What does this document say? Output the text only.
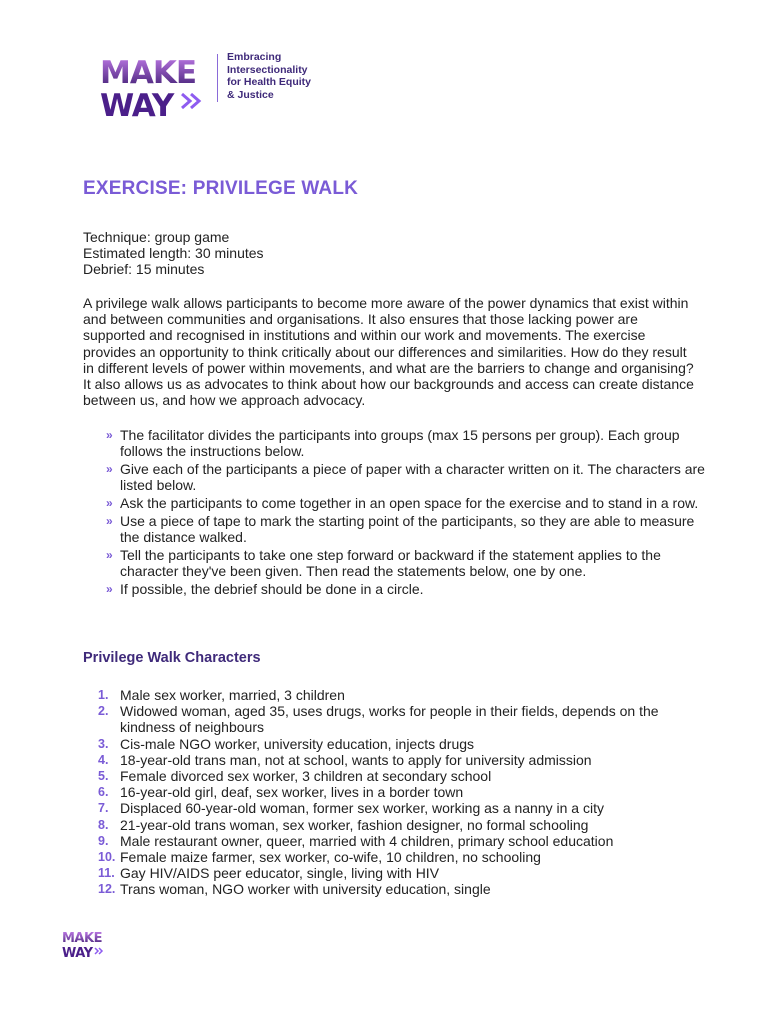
MAKE
WAY
Embracing
Intersectionality
for Health Equity
& Justice
EXERCISE: PRIVILEGE WALK
Technique: group game
Estimated length: 30 minutes
Debrief: 15 minutes
A privilege walk allows participants to become more aware of the power dynamics that exist within and between communities and organisations. It also ensures that those lacking power are supported and recognised in institutions and within our work and movements. The exercise provides an opportunity to think critically about our differences and similarities. How do they result in different levels of power within movements, and what are the barriers to change and organising? It also allows us as advocates to think about how our backgrounds and access can create distance between us, and how we approach advocacy.
» The facilitator divides the participants into groups (max 15 persons per group). Each group follows the instructions below.
» Give each of the participants a piece of paper with a character written on it. The characters are listed below.
» Ask the participants to come together in an open space for the exercise and to stand in a row.
» Use a piece of tape to mark the starting point of the participants, so they are able to measure the distance walked.
» Tell the participants to take one step forward or backward if the statement applies to the character they've been given. Then read the statements below, one by one.
» If possible, the debrief should be done in a circle.
Privilege Walk Characters
1. Male sex worker, married, 3 children
2. Widowed woman, aged 35, uses drugs, works for people in their fields, depends on the kindness of neighbours
3. Cis-male NGO worker, university education, injects drugs
4. 18-year-old trans man, not at school, wants to apply for university admission
5. Female divorced sex worker, 3 children at secondary school
6. 16-year-old girl, deaf, sex worker, lives in a border town
7. Displaced 60-year-old woman, former sex worker, working as a nanny in a city
8. 21-year-old trans woman, sex worker, fashion designer, no formal schooling
9. Male restaurant owner, queer, married with 4 children, primary school education
10. Female maize farmer, sex worker, co-wife, 10 children, no schooling
11. Gay HIV/AIDS peer educator, single, living with HIV
12. Trans woman, NGO worker with university education, single
MAKE
WAY
